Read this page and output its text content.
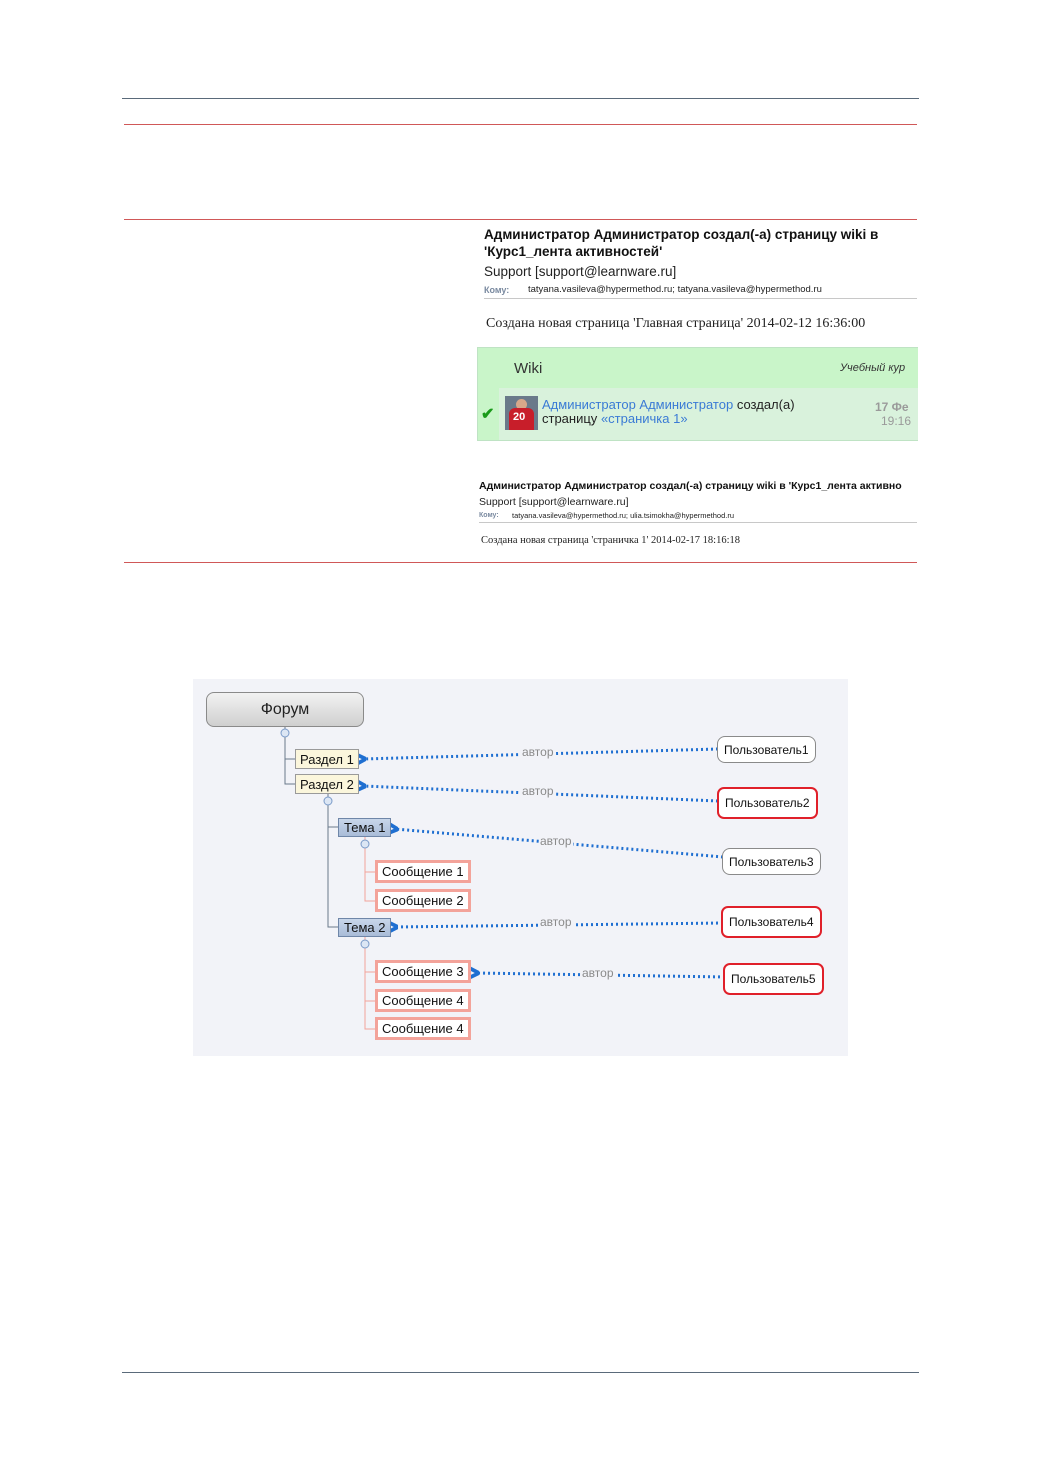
Администратор Администратор создал(-а) страницу wiki в 'Курс1_лента активностей'
Support [support@learnware.ru]
Кому: tatyana.vasileva@hypermethod.ru; tatyana.vasileva@hypermethod.ru
Создана новая страница 'Главная страница' 2014-02-12 16:36:00
Wiki	Учебный кур
✔ 20
Администратор Администратор создал(а)
страницу «страничка 1»
17 Фе
19:16
Администратор Администратор создал(-а) страницу wiki в 'Курс1_лента активно
Support [support@learnware.ru]
Кому: tatyana.vasileva@hypermethod.ru; ulia.tsimokha@hypermethod.ru
Создана новая страница 'страничка 1' 2014-02-17 18:16:18
Форум
Раздел 1
Раздел 2
Тема 1
Тема 2
Сообщение 1
Сообщение 2
Сообщение 3
Сообщение 4
Сообщение 4
Пользователь1
Пользователь2
Пользователь3
Пользователь4
Пользователь5
автор
автор
автор
автор
автор
